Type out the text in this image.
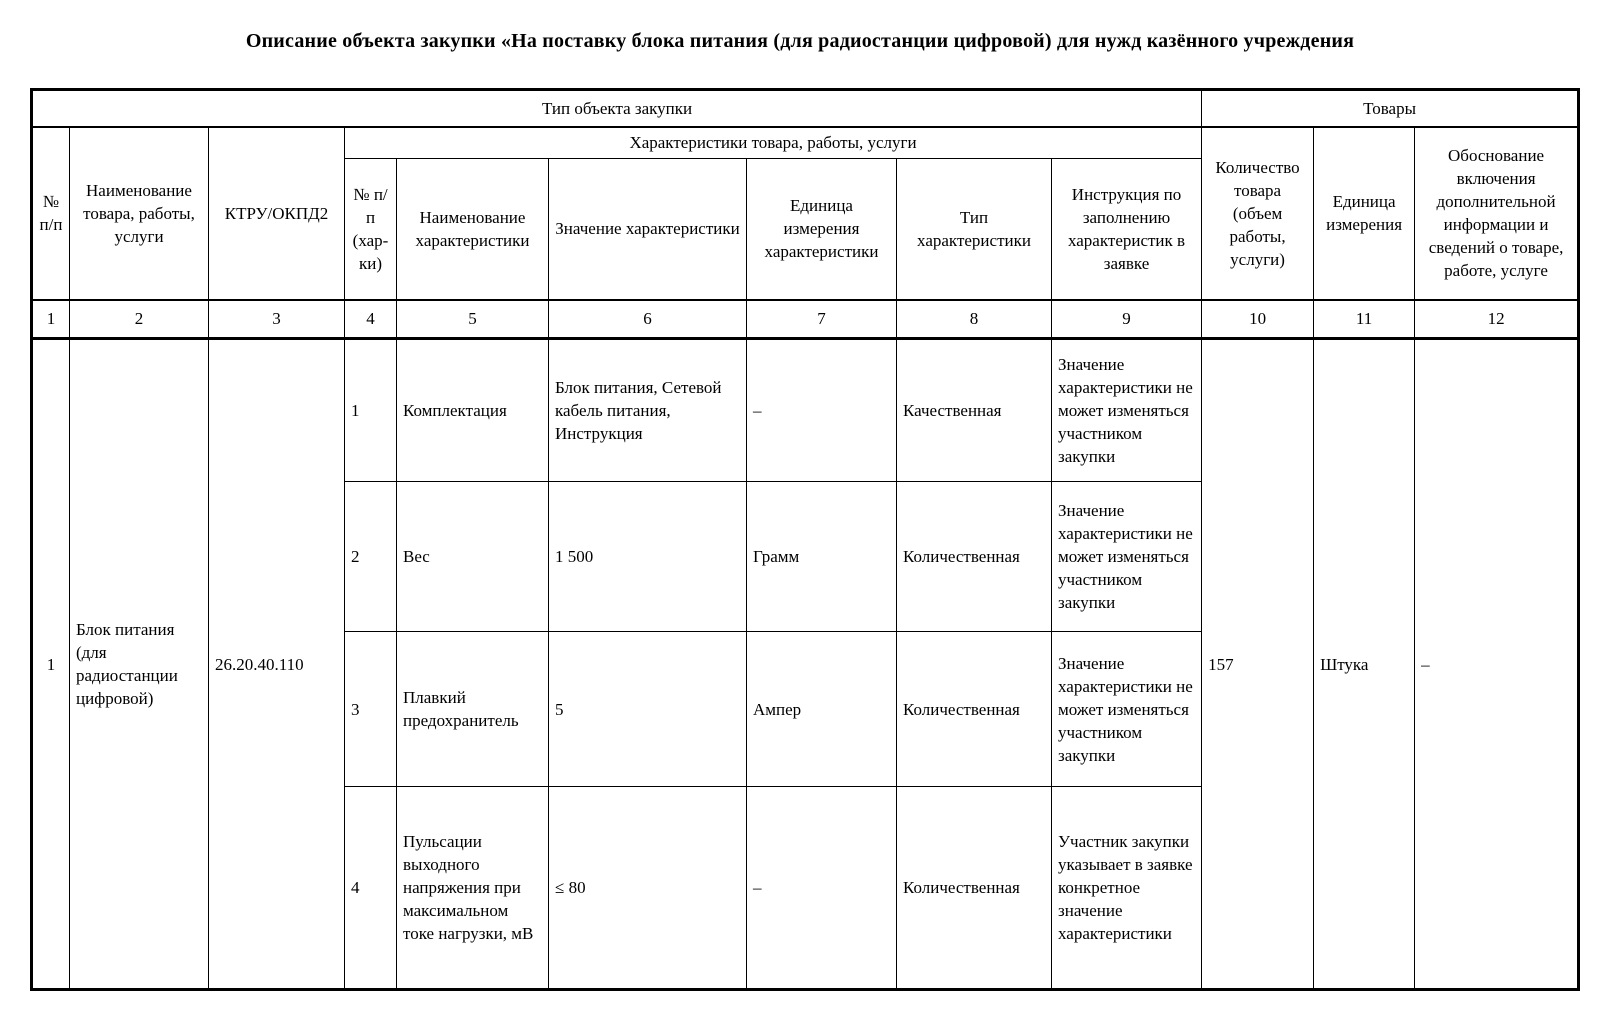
Описание объекта закупки «На поставку блока питания (для радиостанции цифровой) для нужд казённого учреждения
Тип объекта закупки									Товары		
№ п/п	Наименование товара, работы, услуги	КТРУ/ОКПД2	Характеристики товара, работы, услуги						Количество товара (объем работы, услуги)	Единица измерения	Обоснование включения дополнительной информации и сведений о товаре, работе, услуге
			№ п/п (хар-ки)	Наименование характеристики	Значение характеристики	Единица измерения характеристики	Тип характеристики	Инструкция по заполнению характеристик в заявке			
1	2	3	4	5	6	7	8	9	10	11	12
1	Блок питания (для радиостанции цифровой)	26.20.40.110	1	Комплектация	Блок питания, Сетевой кабель питания, Инструкция	–	Качественная	Значение характеристики не может изменяться участником закупки	157	Штука	–
			2	Вес	1 500	Грамм	Количественная	Значение характеристики не может изменяться участником закупки			
			3	Плавкий предохранитель	5	Ампер	Количественная	Значение характеристики не может изменяться участником закупки			
			4	Пульсации выходного напряжения при максимальном токе нагрузки, мВ	≤ 80	–	Количественная	Участник закупки указывает в заявке конкретное значение характеристики			
